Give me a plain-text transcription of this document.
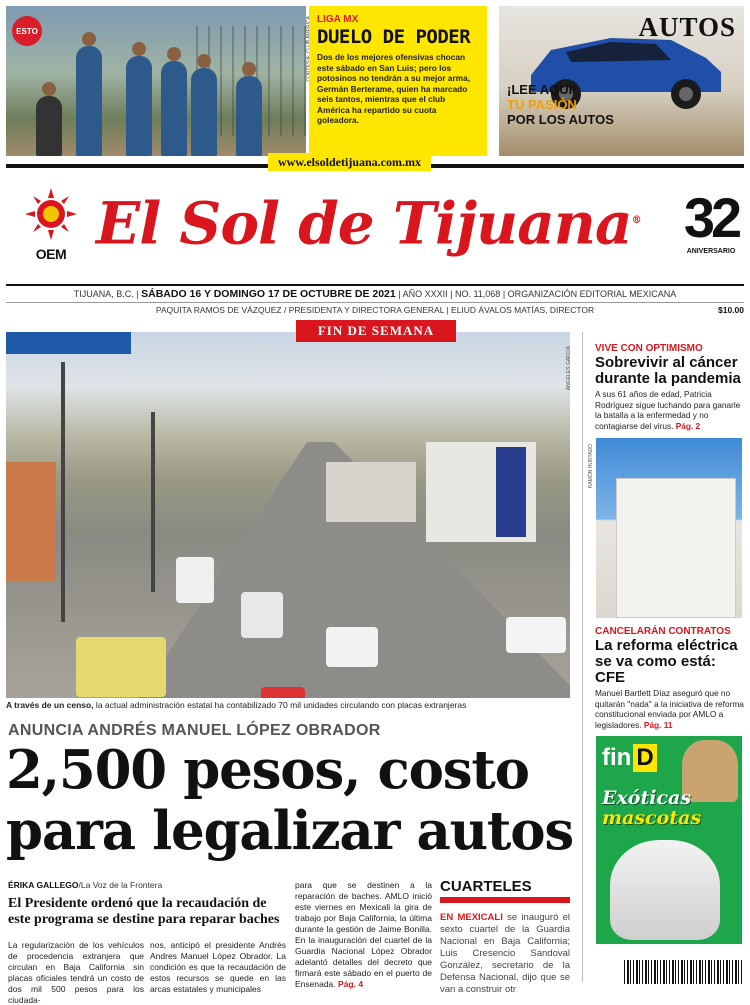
ESTO
LIGA MX
DUELO DE PODER
Dos de los mejores ofensivas chocan este sábado en San Luis; pero los potosinos no tendrán a su mejor arma, Germán Berterame, quien ha marcado seis tantos, mientras que el club América ha repartido su cuota goleadora.
AUTOS
¡LEE AQUÍ!
TU PASIÓN
POR LOS AUTOS
www.elsoldetijuana.com.mx
OEM El Sol de Tijuana® 32
ANIVERSARIO
TIJUANA, B.C. | SÁBADO 16 Y DOMINGO 17 DE OCTUBRE DE 2021 | AÑO XXXII | NO. 11,068 | ORGANIZACIÓN EDITORIAL MEXICANA
PAQUITA RAMOS DE VÁZQUEZ / PRESIDENTA Y DIRECTORA GENERAL | ELIUD ÁVALOS MATÍAS, DIRECTOR	$10.00
FIN DE SEMANA
ÁNGELES GARCÍA
A través de un censo, la actual administración estatal ha contabilizado 70 mil unidades circulando con placas extranjeras
ANUNCIA ANDRÉS MANUEL LÓPEZ OBRADOR
2,500 pesos, costo para legalizar autos
ÉRIKA GALLEGO/La Voz de la Frontera
El Presidente ordenó que la recaudación de este programa se destine para reparar baches
La regularización de los vehículos de procedencia extranjera que circulan en Baja California sin placas oficiales tendrá un costo de dos mil 500 pesos para los ciudada-
nos, anticipó el presidente Andrés Andres Manuel López Obrador. La condición es que la recaudación de estos recursos se quede en las arcas estatales y municipales
para que se destinen a la reparación de baches. AMLO inició este viernes en Mexicali la gira de trabajo por Baja California, la última durante la gestión de Jaime Bonilla. En la inauguración del cuartel de la Guardia Nacional López Obrador adelantó detalles del decreto que firmará este sábado en el puerto de Ensenada. Pág. 4
CUARTELES
EN MEXICALI se inauguró el sexto cuartel de la Guardia Nacional en Baja California; Luis Cresencio Sandoval González, secretario de la Defensa Nacional, dijo que se van a construir otr
VIVE CON OPTIMISMO
Sobrevivir al cáncer durante la pandemia
A sus 61 años de edad, Patricia Rodríguez sigue luchando para ganarle la batalla a la enfermedad y no contagiarse del virus. Pág. 2
RAMÓN HURTADO
CANCELARÁN CONTRATOS
La reforma eléctrica se va como está: CFE
Manuel Bartlett Díaz aseguró que no quitarán "nada" a la iniciativa de reforma constitucional enviada por AMLO a legisladores. Pág. 11
fin D
Exóticas
mascotas
